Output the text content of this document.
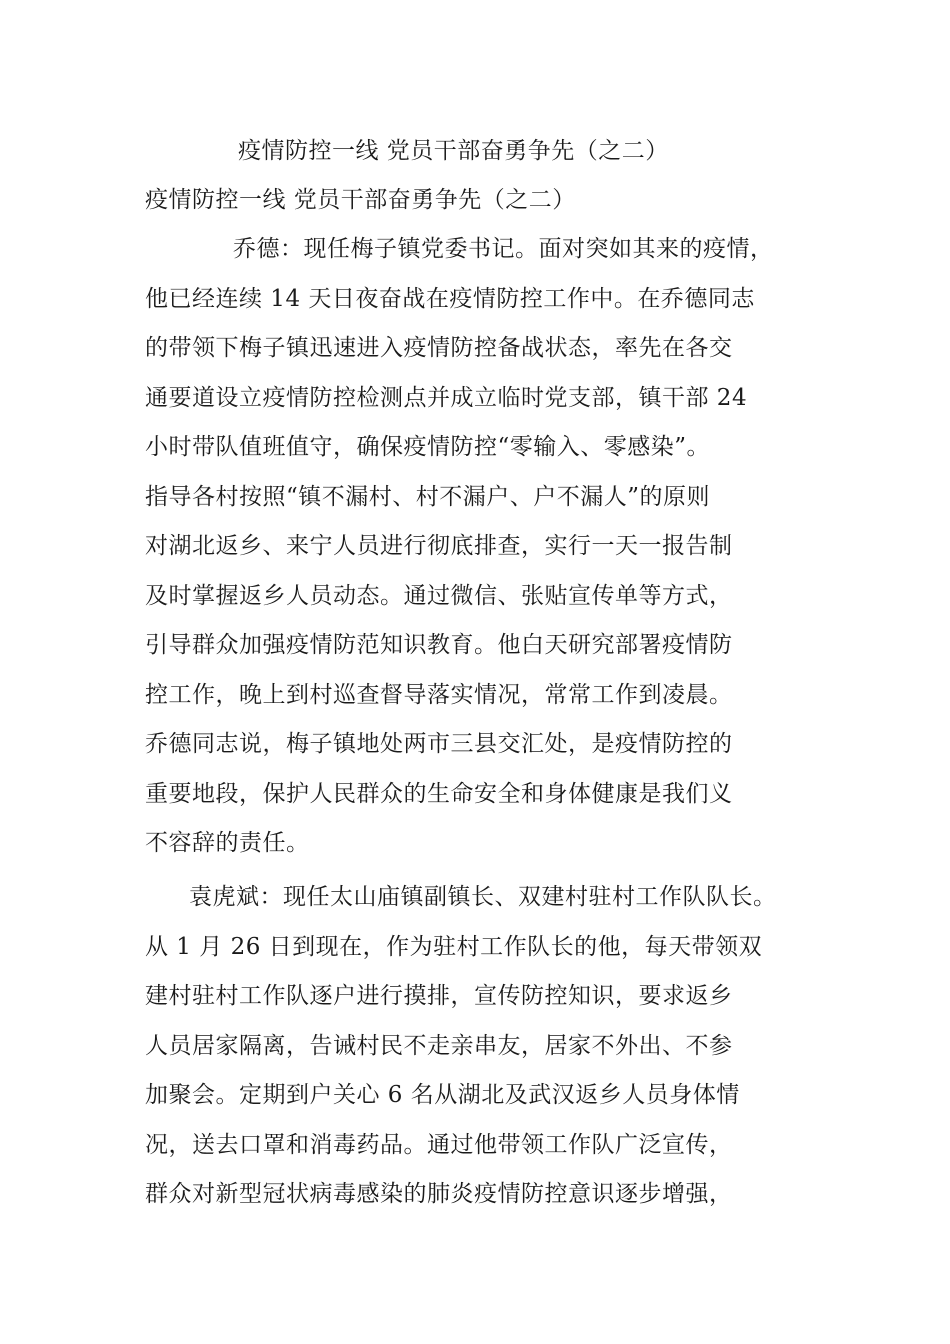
疫情防控一线 党员干部奋勇争先（之二）
疫情防控一线 党员干部奋勇争先（之二）
乔德：现任梅子镇党委书记。面对突如其来的疫情，
他已经连续 14 天日夜奋战在疫情防控工作中。在乔德同志
的带领下梅子镇迅速进入疫情防控备战状态，率先在各交
通要道设立疫情防控检测点并成立临时党支部，镇干部 24
小时带队值班值守，确保疫情防控“零输入、零感染”。
指导各村按照“镇不漏村、村不漏户、户不漏人”的原则
对湖北返乡、来宁人员进行彻底排查，实行一天一报告制
及时掌握返乡人员动态。通过微信、张贴宣传单等方式，
引导群众加强疫情防范知识教育。他白天研究部署疫情防
控工作，晚上到村巡查督导落实情况，常常工作到凌晨。
乔德同志说，梅子镇地处两市三县交汇处，是疫情防控的
重要地段，保护人民群众的生命安全和身体健康是我们义
不容辞的责任。
袁虎斌：现任太山庙镇副镇长、双建村驻村工作队队长。
从 1 月 26 日到现在，作为驻村工作队长的他，每天带领双
建村驻村工作队逐户进行摸排，宣传防控知识，要求返乡
人员居家隔离，告诫村民不走亲串友，居家不外出、不参
加聚会。定期到户关心 6 名从湖北及武汉返乡人员身体情
况，送去口罩和消毒药品。通过他带领工作队广泛宣传，
群众对新型冠状病毒感染的肺炎疫情防控意识逐步增强，
